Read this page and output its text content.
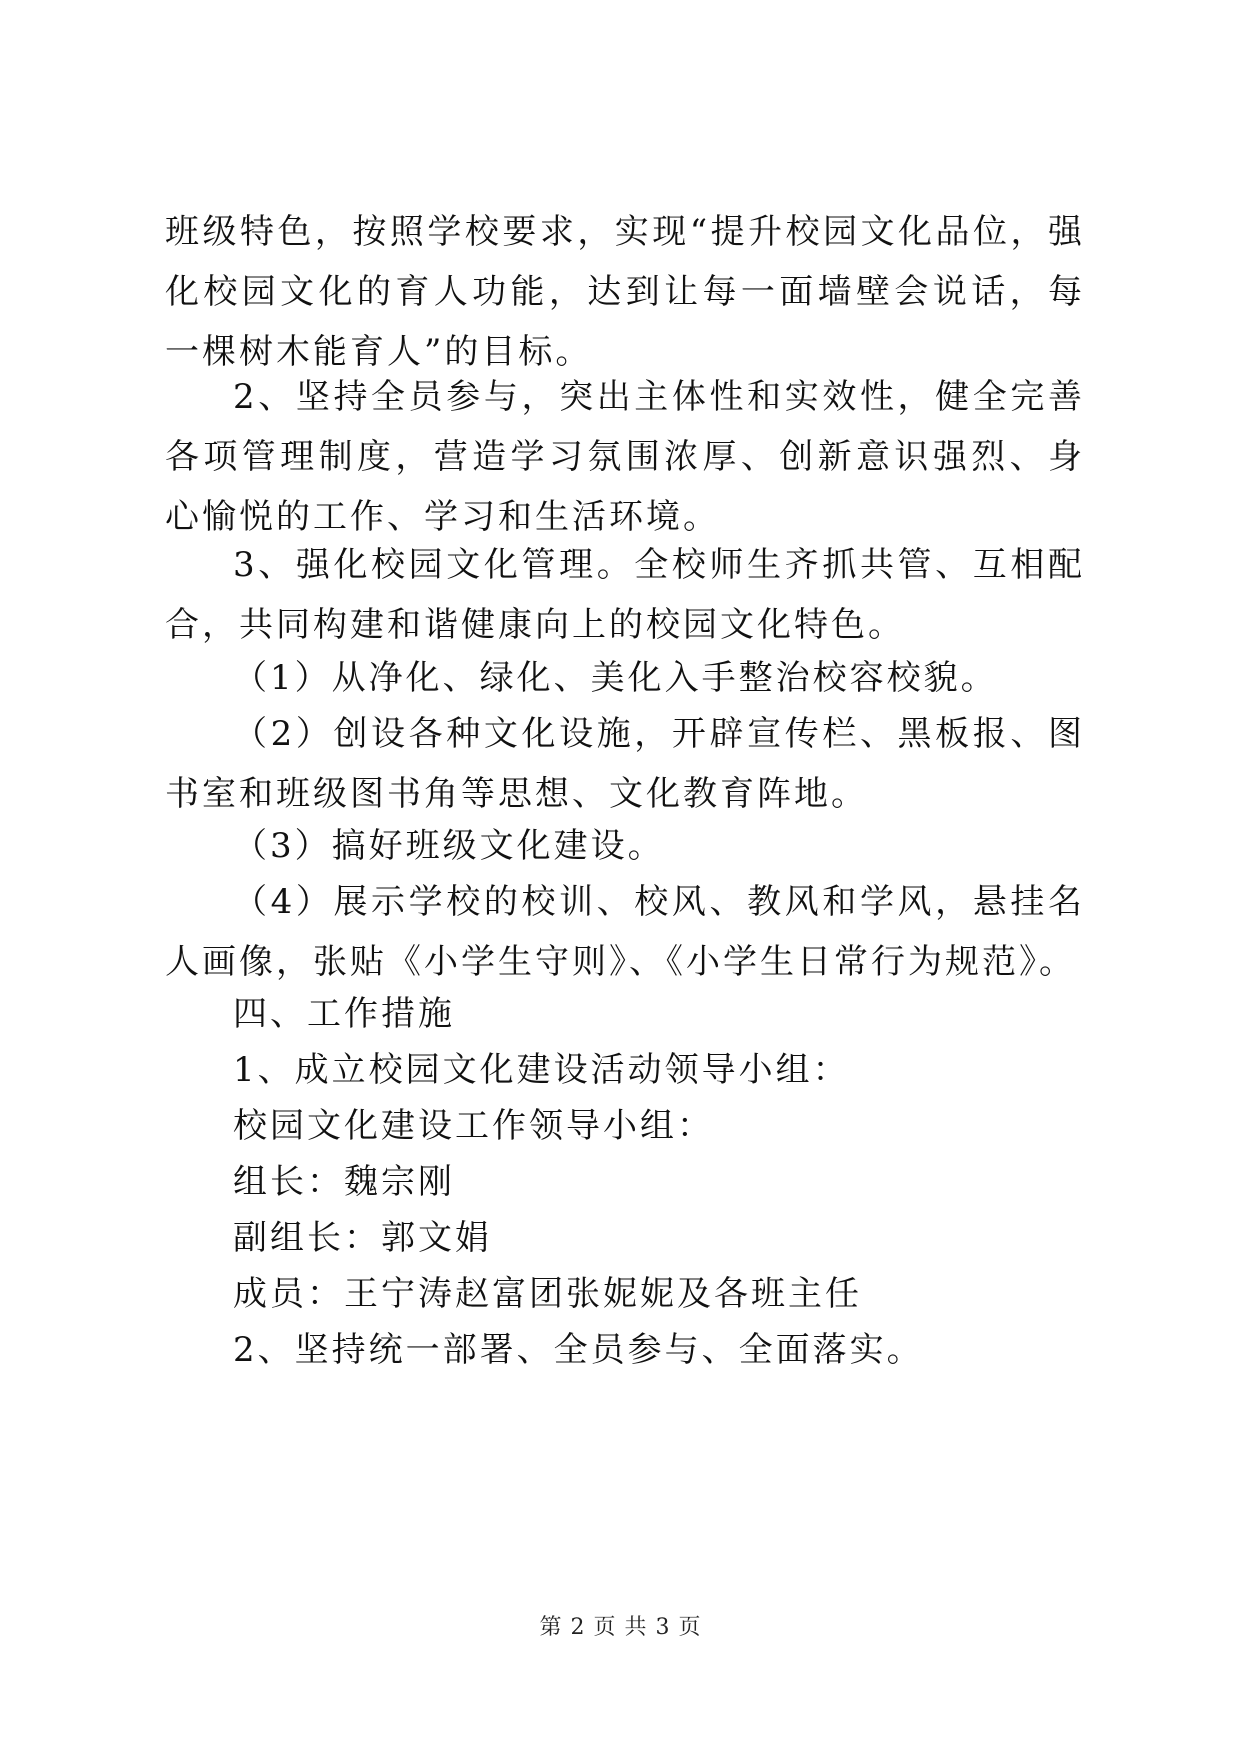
班级特色，按照学校要求，实现“提升校园文化品位，强化校园文化的育人功能，达到让每一面墙壁会说话，每一棵树木能育人”的目标。

2、坚持全员参与，突出主体性和实效性，健全完善各项管理制度，营造学习氛围浓厚、创新意识强烈、身心愉悦的工作、学习和生活环境。

3、强化校园文化管理。全校师生齐抓共管、互相配合，共同构建和谐健康向上的校园文化特色。

（1）从净化、绿化、美化入手整治校容校貌。

（2）创设各种文化设施，开辟宣传栏、黑板报、图书室和班级图书角等思想、文化教育阵地。

（3）搞好班级文化建设。

（4）展示学校的校训、校风、教风和学风，悬挂名人画像，张贴《小学生守则》、《小学生日常行为规范》。

四、工作措施

1、成立校园文化建设活动领导小组：

校园文化建设工作领导小组：

组长：魏宗刚

副组长：郭文娟

成员：王宁涛赵富团张妮妮及各班主任

2、坚持统一部署、全员参与、全面落实。

第 2 页 共 3 页
